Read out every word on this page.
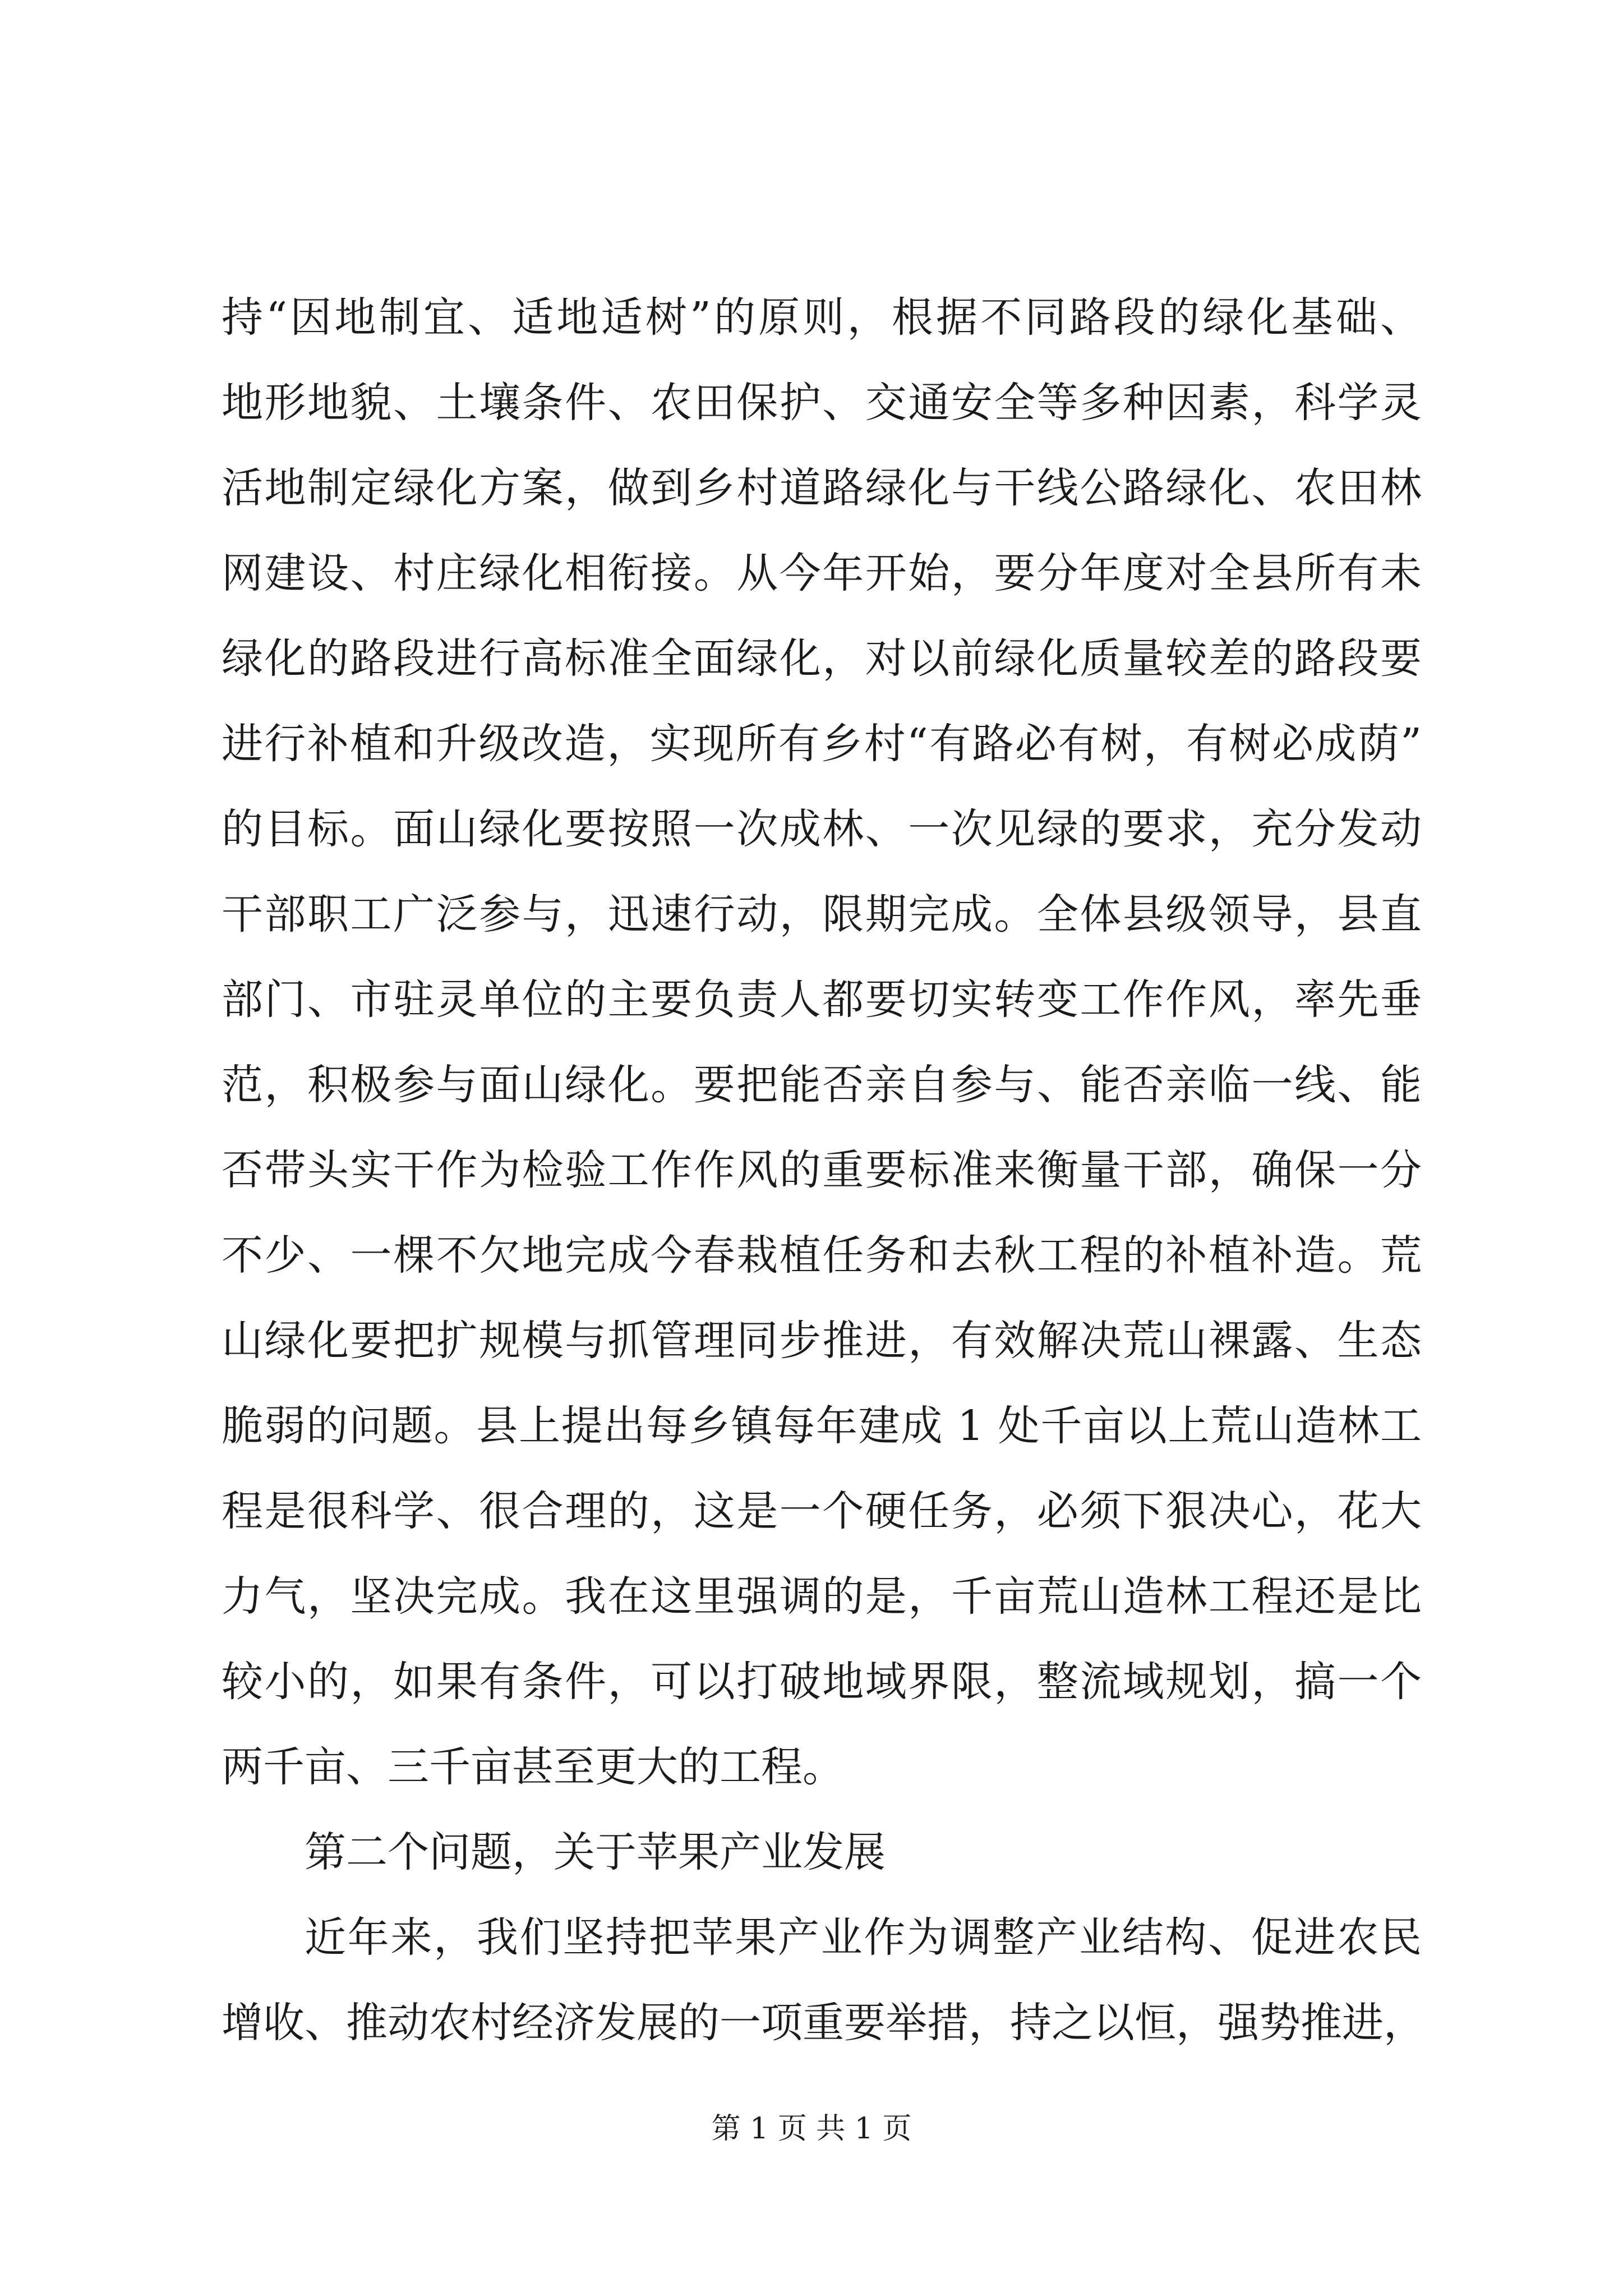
持“因地制宜、适地适树”的原则，根据不同路段的绿化基础、
地形地貌、土壤条件、农田保护、交通安全等多种因素，科学灵
活地制定绿化方案，做到乡村道路绿化与干线公路绿化、农田林
网建设、村庄绿化相衔接。从今年开始，要分年度对全县所有未
绿化的路段进行高标准全面绿化，对以前绿化质量较差的路段要
进行补植和升级改造，实现所有乡村“有路必有树，有树必成荫”
的目标。面山绿化要按照一次成林、一次见绿的要求，充分发动
干部职工广泛参与，迅速行动，限期完成。全体县级领导，县直
部门、市驻灵单位的主要负责人都要切实转变工作作风，率先垂
范，积极参与面山绿化。要把能否亲自参与、能否亲临一线、能
否带头实干作为检验工作作风的重要标准来衡量干部，确保一分
不少、一棵不欠地完成今春栽植任务和去秋工程的补植补造。荒
山绿化要把扩规模与抓管理同步推进，有效解决荒山裸露、生态
脆弱的问题。县上提出每乡镇每年建成 1 处千亩以上荒山造林工
程是很科学、很合理的，这是一个硬任务，必须下狠决心，花大
力气，坚决完成。我在这里强调的是，千亩荒山造林工程还是比
较小的，如果有条件，可以打破地域界限，整流域规划，搞一个
两千亩、三千亩甚至更大的工程。
第二个问题，关于苹果产业发展
近年来，我们坚持把苹果产业作为调整产业结构、促进农民
增收、推动农村经济发展的一项重要举措，持之以恒，强势推进，
第 1 页 共 1 页
